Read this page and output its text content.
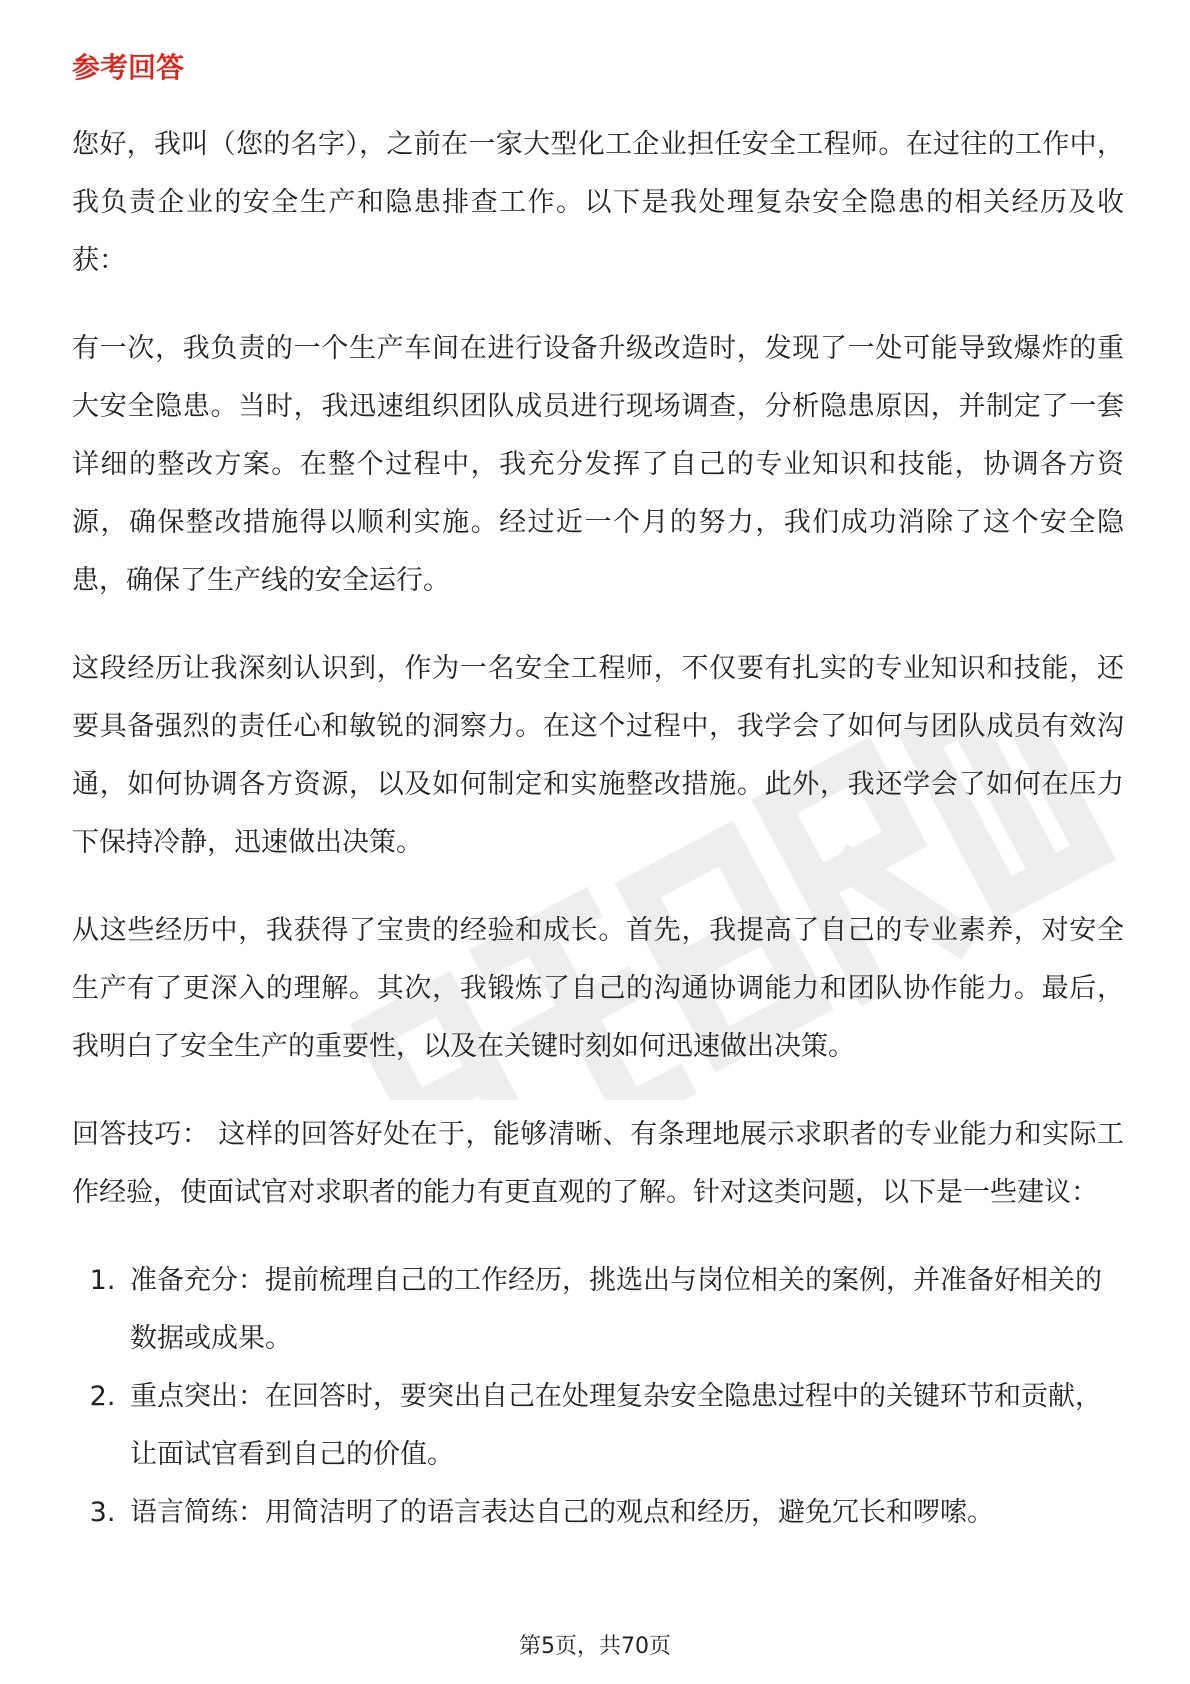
参考回答

您好，我叫（您的名字），之前在一家大型化工企业担任安全工程师。在过往的工作中，我负责企业的安全生产和隐患排查工作。以下是我处理复杂安全隐患的相关经历及收获：

有一次，我负责的一个生产车间在进行设备升级改造时，发现了一处可能导致爆炸的重大安全隐患。当时，我迅速组织团队成员进行现场调查，分析隐患原因，并制定了一套详细的整改方案。在整个过程中，我充分发挥了自己的专业知识和技能，协调各方资源，确保整改措施得以顺利实施。经过近一个月的努力，我们成功消除了这个安全隐患，确保了生产线的安全运行。

这段经历让我深刻认识到，作为一名安全工程师，不仅要有扎实的专业知识和技能，还要具备强烈的责任心和敏锐的洞察力。在这个过程中，我学会了如何与团队成员有效沟通，如何协调各方资源，以及如何制定和实施整改措施。此外，我还学会了如何在压力下保持冷静，迅速做出决策。

从这些经历中，我获得了宝贵的经验和成长。首先，我提高了自己的专业素养，对安全生产有了更深入的理解。其次，我锻炼了自己的沟通协调能力和团队协作能力。最后，我明白了安全生产的重要性，以及在关键时刻如何迅速做出决策。

回答技巧： 这样的回答好处在于，能够清晰、有条理地展示求职者的专业能力和实际工作经验，使面试官对求职者的能力有更直观的了解。针对这类问题，以下是一些建议：

1. 准备充分：提前梳理自己的工作经历，挑选出与岗位相关的案例，并准备好相关的数据或成果。
2. 重点突出：在回答时，要突出自己在处理复杂安全隐患过程中的关键环节和贡献，让面试官看到自己的价值。
3. 语言简练：用简洁明了的语言表达自己的观点和经历，避免冗长和啰嗦。
第5页，共70页
